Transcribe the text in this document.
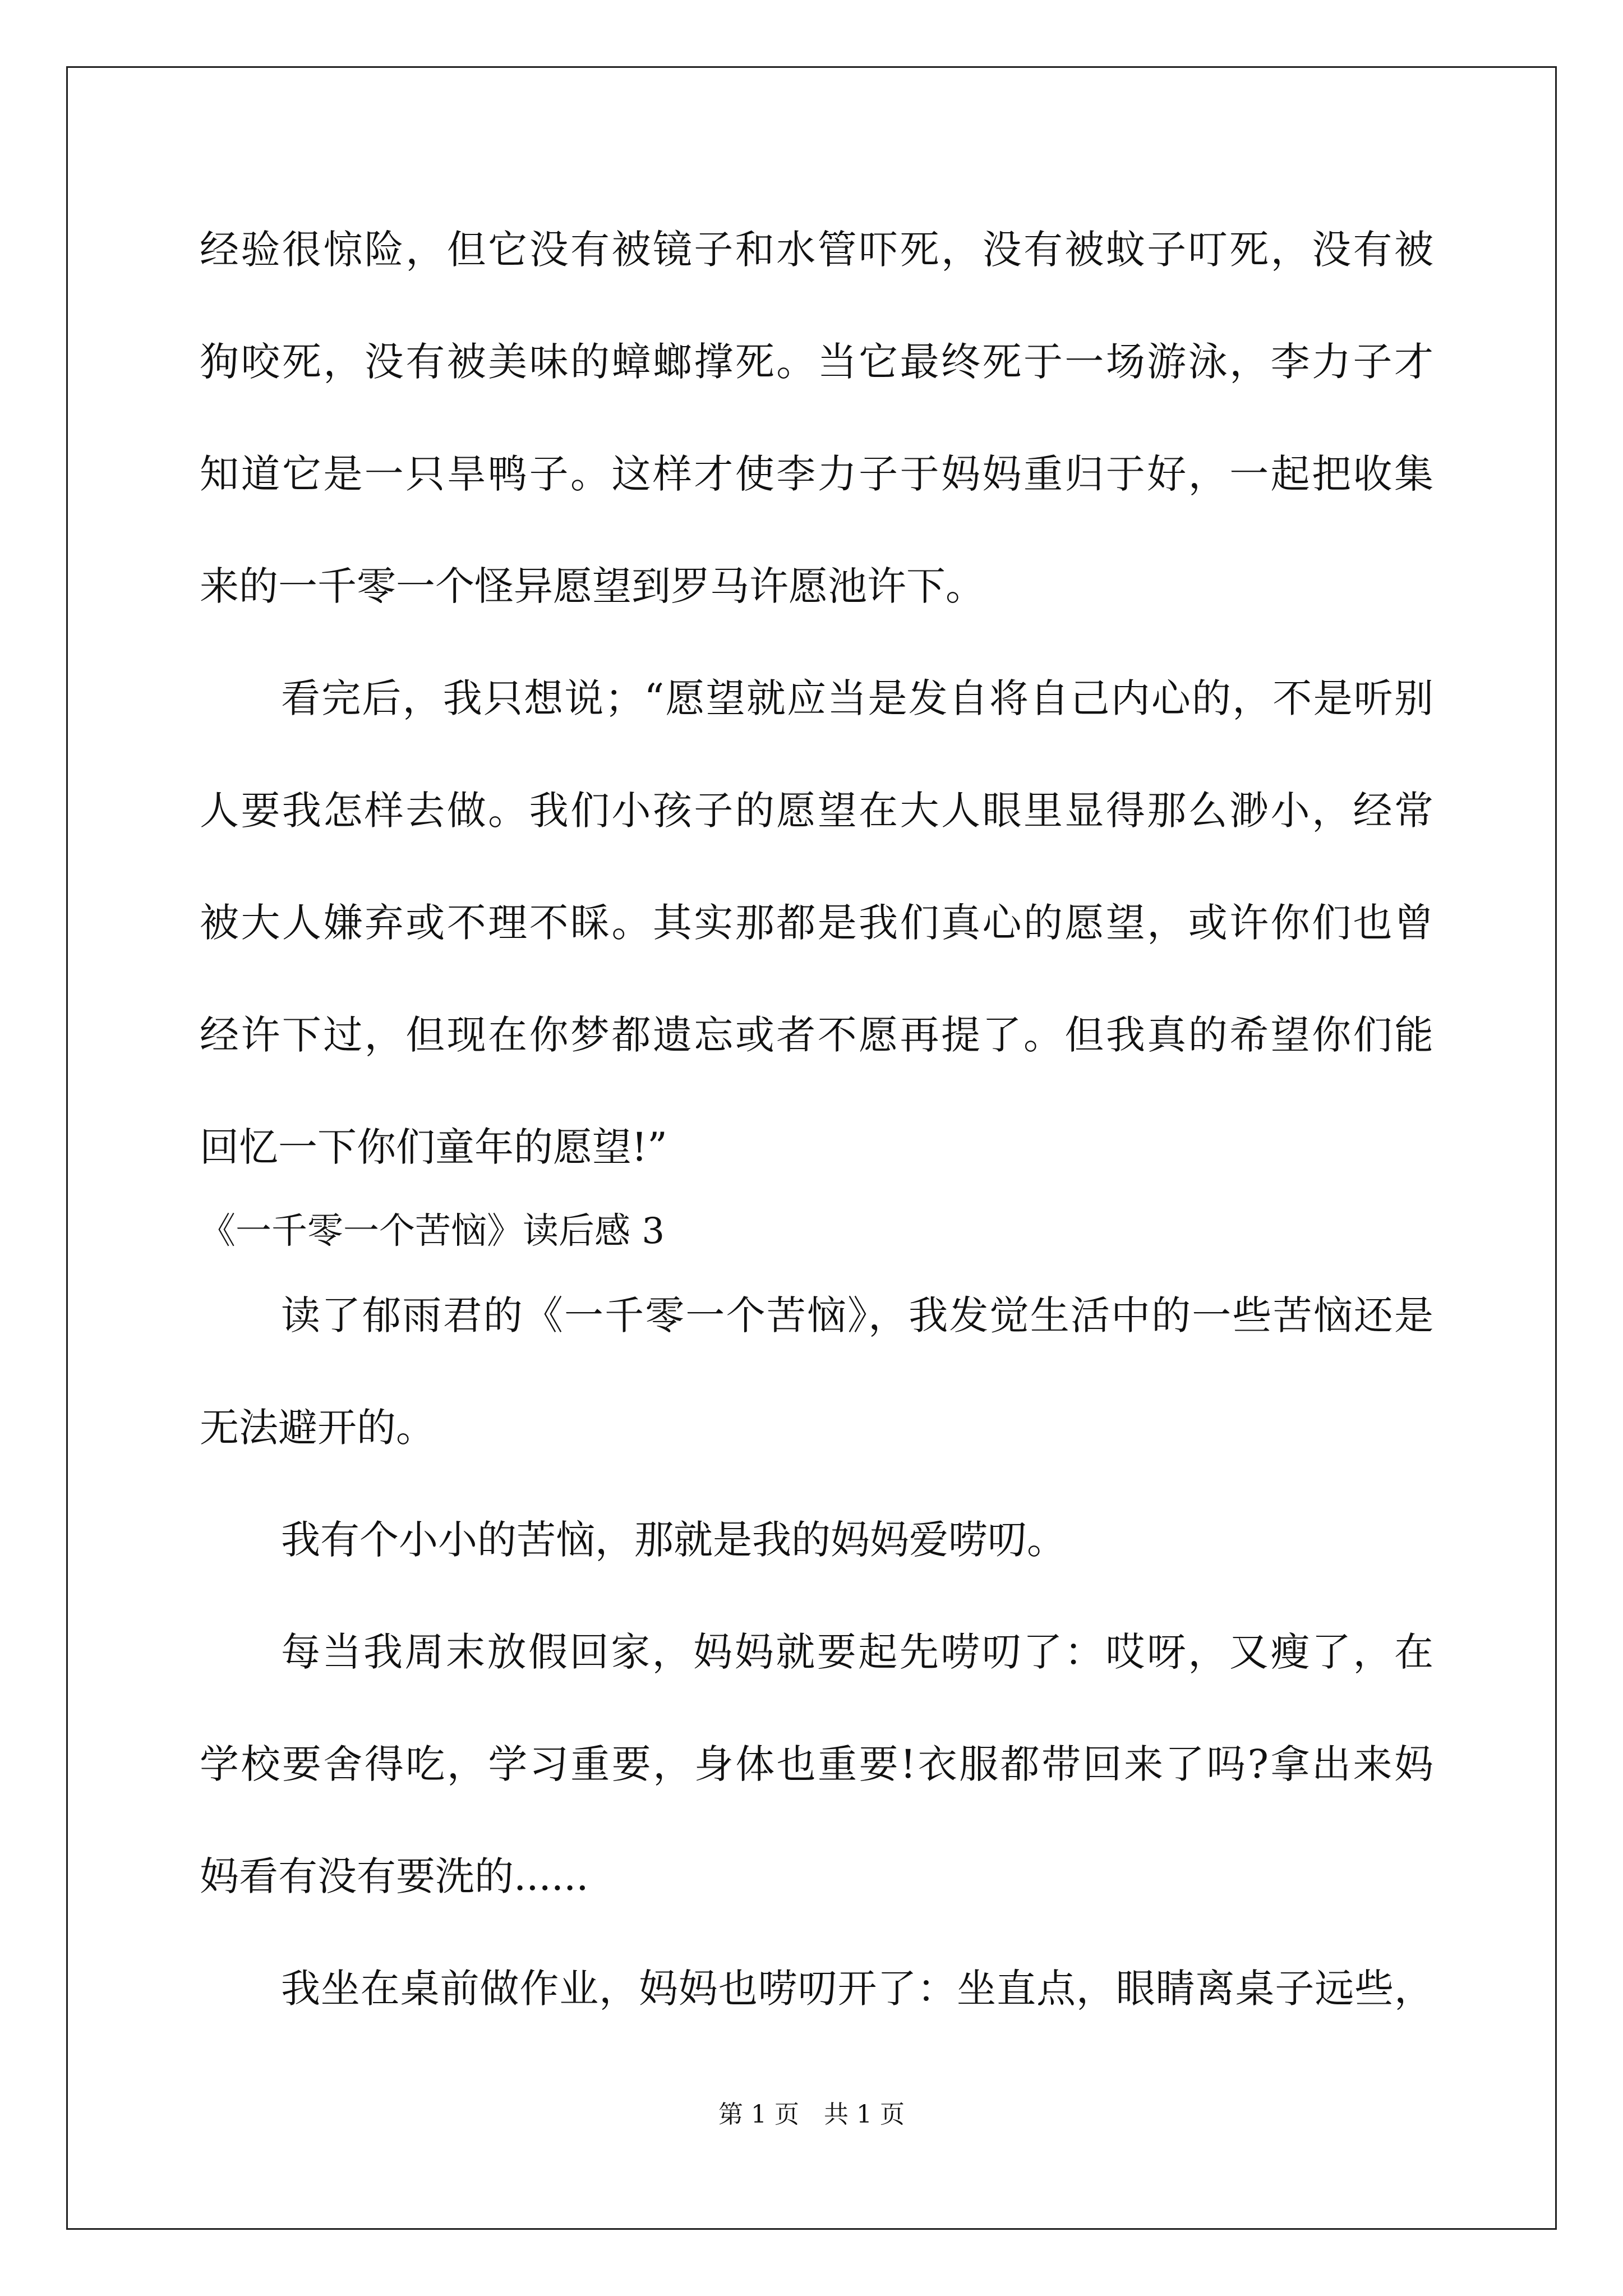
经验很惊险，但它没有被镜子和水管吓死，没有被蚊子叮死，没有被
狗咬死，没有被美味的蟑螂撑死。当它最终死于一场游泳，李力子才
知道它是一只旱鸭子。这样才使李力子于妈妈重归于好，一起把收集
来的一千零一个怪异愿望到罗马许愿池许下。
看完后，我只想说；“愿望就应当是发自将自己内心的，不是听别
人要我怎样去做。我们小孩子的愿望在大人眼里显得那么渺小，经常
被大人嫌弃或不理不睬。其实那都是我们真心的愿望，或许你们也曾
经许下过，但现在你梦都遗忘或者不愿再提了。但我真的希望你们能
回忆一下你们童年的愿望!”
《一千零一个苦恼》读后感 3
读了郁雨君的《一千零一个苦恼》，我发觉生活中的一些苦恼还是
无法避开的。
我有个小小的苦恼，那就是我的妈妈爱唠叨。
每当我周末放假回家，妈妈就要起先唠叨了：哎呀，又瘦了，在
学校要舍得吃，学习重要，身体也重要!衣服都带回来了吗?拿出来妈
妈看有没有要洗的......
我坐在桌前做作业，妈妈也唠叨开了：坐直点，眼睛离桌子远些，
第 1 页　共 1 页
